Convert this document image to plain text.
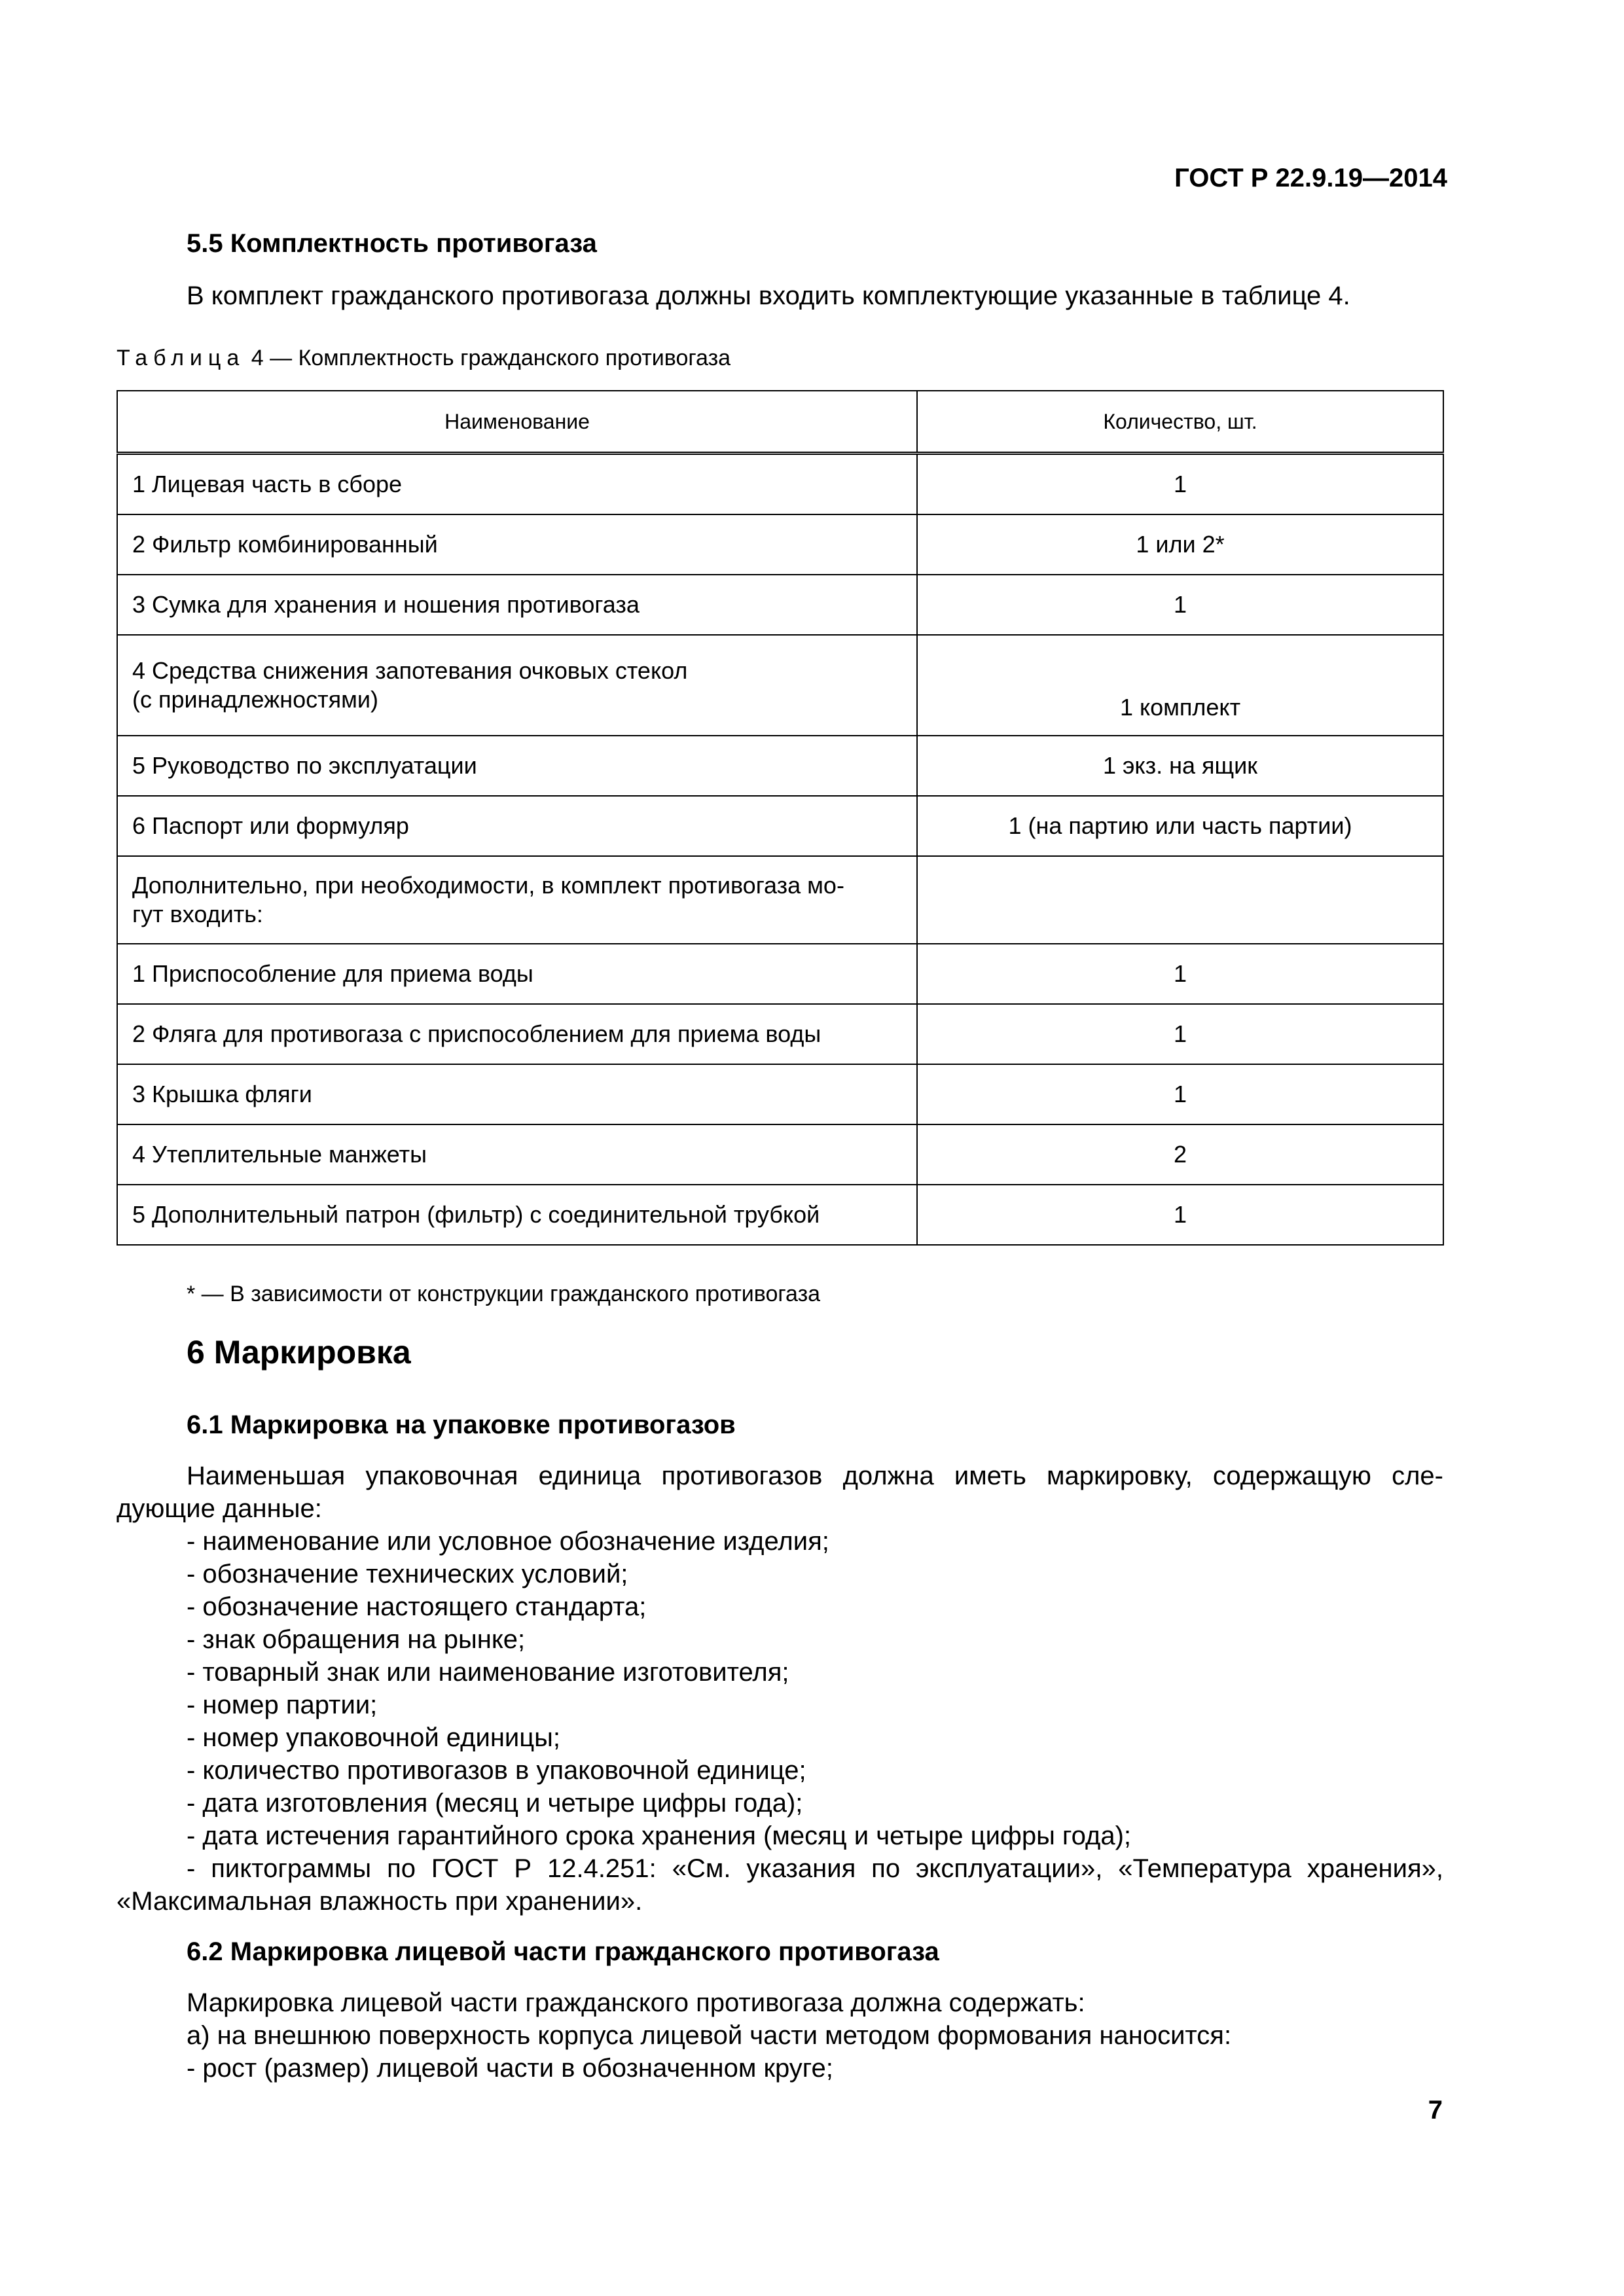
ГОСТ Р 22.9.19—2014
5.5 Комплектность противогаза
В комплект гражданского противогаза должны входить комплектующие указанные в таблице 4.
Таблица 4 — Комплектность гражданского противогаза
Наименование	Количество, шт.
1 Лицевая часть в сборе	1
2 Фильтр комбинированный	1 или 2*
3 Сумка для хранения и ношения противогаза	1
4 Средства снижения запотевания очковых стекол
(с принадлежностями)	1 комплект
5 Руководство по эксплуатации	1 экз. на ящик
6 Паспорт или формуляр	1 (на партию или часть партии)
Дополнительно, при необходимости, в комплект противогаза мо-
гут входить:	
1 Приспособление для приема воды	1
2 Фляга для противогаза с приспособлением для приема воды	1
3 Крышка фляги	1
4 Утеплительные манжеты	2
5 Дополнительный патрон (фильтр) с соединительной трубкой	1
* — В зависимости от конструкции гражданского противогаза
6 Маркировка
6.1 Маркировка на упаковке противогазов
Наименьшая упаковочная единица противогазов должна иметь маркировку, содержащую сле-
дующие данные:
- наименование или условное обозначение изделия;
- обозначение технических условий;
- обозначение настоящего стандарта;
- знак обращения на рынке;
- товарный знак или наименование изготовителя;
- номер партии;
- номер упаковочной единицы;
- количество противогазов в упаковочной единице;
- дата изготовления (месяц и четыре цифры года);
- дата истечения гарантийного срока хранения (месяц и четыре цифры года);
- пиктограммы по ГОСТ Р 12.4.251: «См. указания по эксплуатации», «Температура хранения»,
«Максимальная влажность при хранении».
6.2 Маркировка лицевой части гражданского противогаза
Маркировка лицевой части гражданского противогаза должна содержать:
а) на внешнюю поверхность корпуса лицевой части методом формования наносится:
- рост (размер) лицевой части в обозначенном круге;
7
